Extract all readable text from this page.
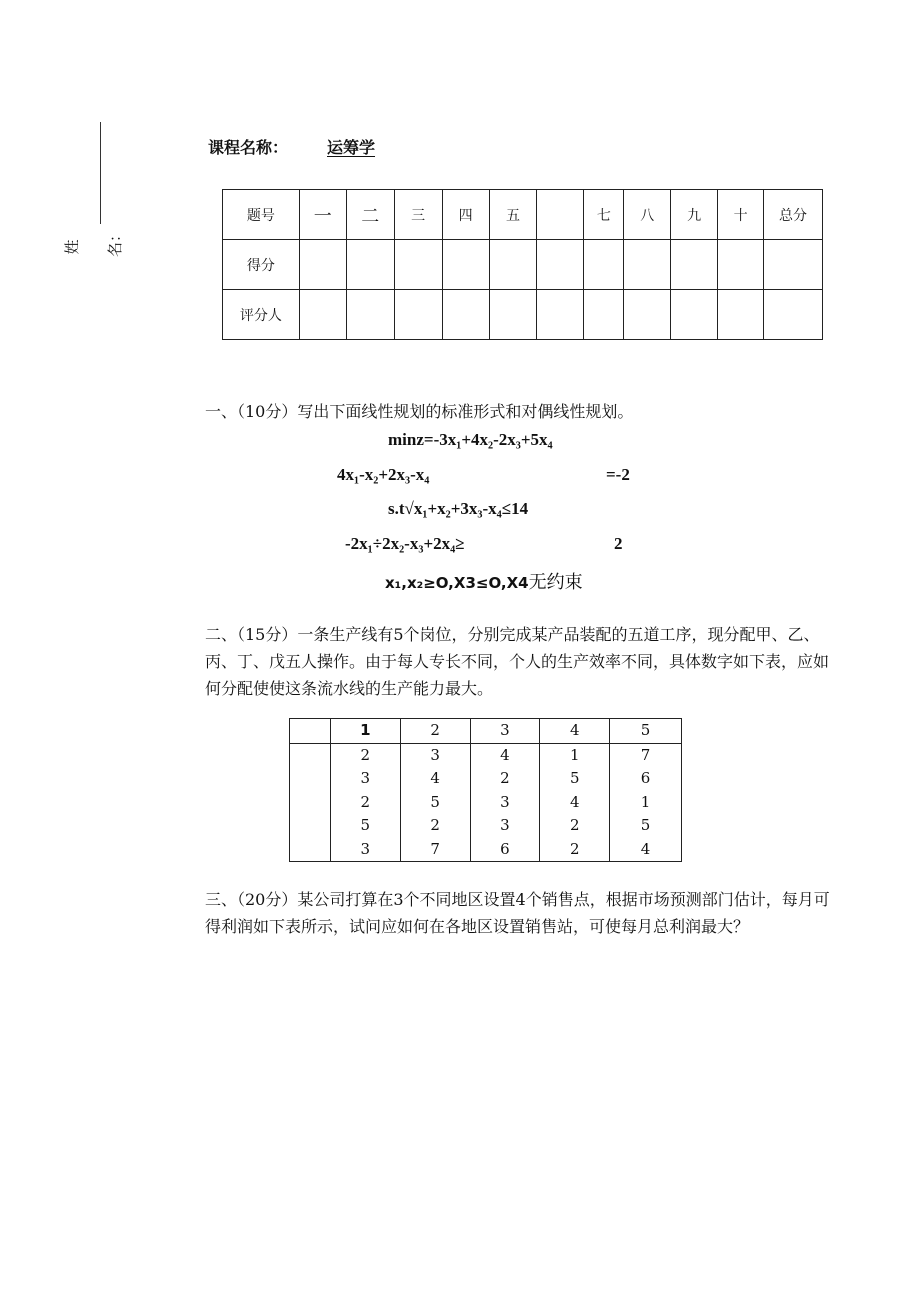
姓 名：
课程名称： 运筹学
题号	一	二	三	四	五		七	八	九	十	总分
得分											
评分人											
一、（10分）写出下面线性规划的标准形式和对偶线性规划。
minz=-3x₁+4x₂-2x₃+5x₄
4x₁-x₂+2x₃-x₄	=-2
s.t√x₁+x₂+3x₃-x₄≤14
-2x₁÷2x₂-x₃+2x₄≥	2
x₁,x₂≥O,X3≤O,X4无约束
二、（15分）一条生产线有5个岗位，分别完成某产品装配的五道工序，现分配甲、乙、丙、丁、戊五人操作。由于每人专长不同，个人的生产效率不同，具体数字如下表，应如何分配使使这条流水线的生产能力最大。
	1	2	3	4	5
	2	3	4	1	7
	3	4	2	5	6
	2	5	3	4	1
	5	2	3	2	5
	3	7	6	2	4
三、（20分）某公司打算在3个不同地区设置4个销售点，根据市场预测部门估计，每月可得利润如下表所示，试问应如何在各地区设置销售站，可使每月总利润最大？
